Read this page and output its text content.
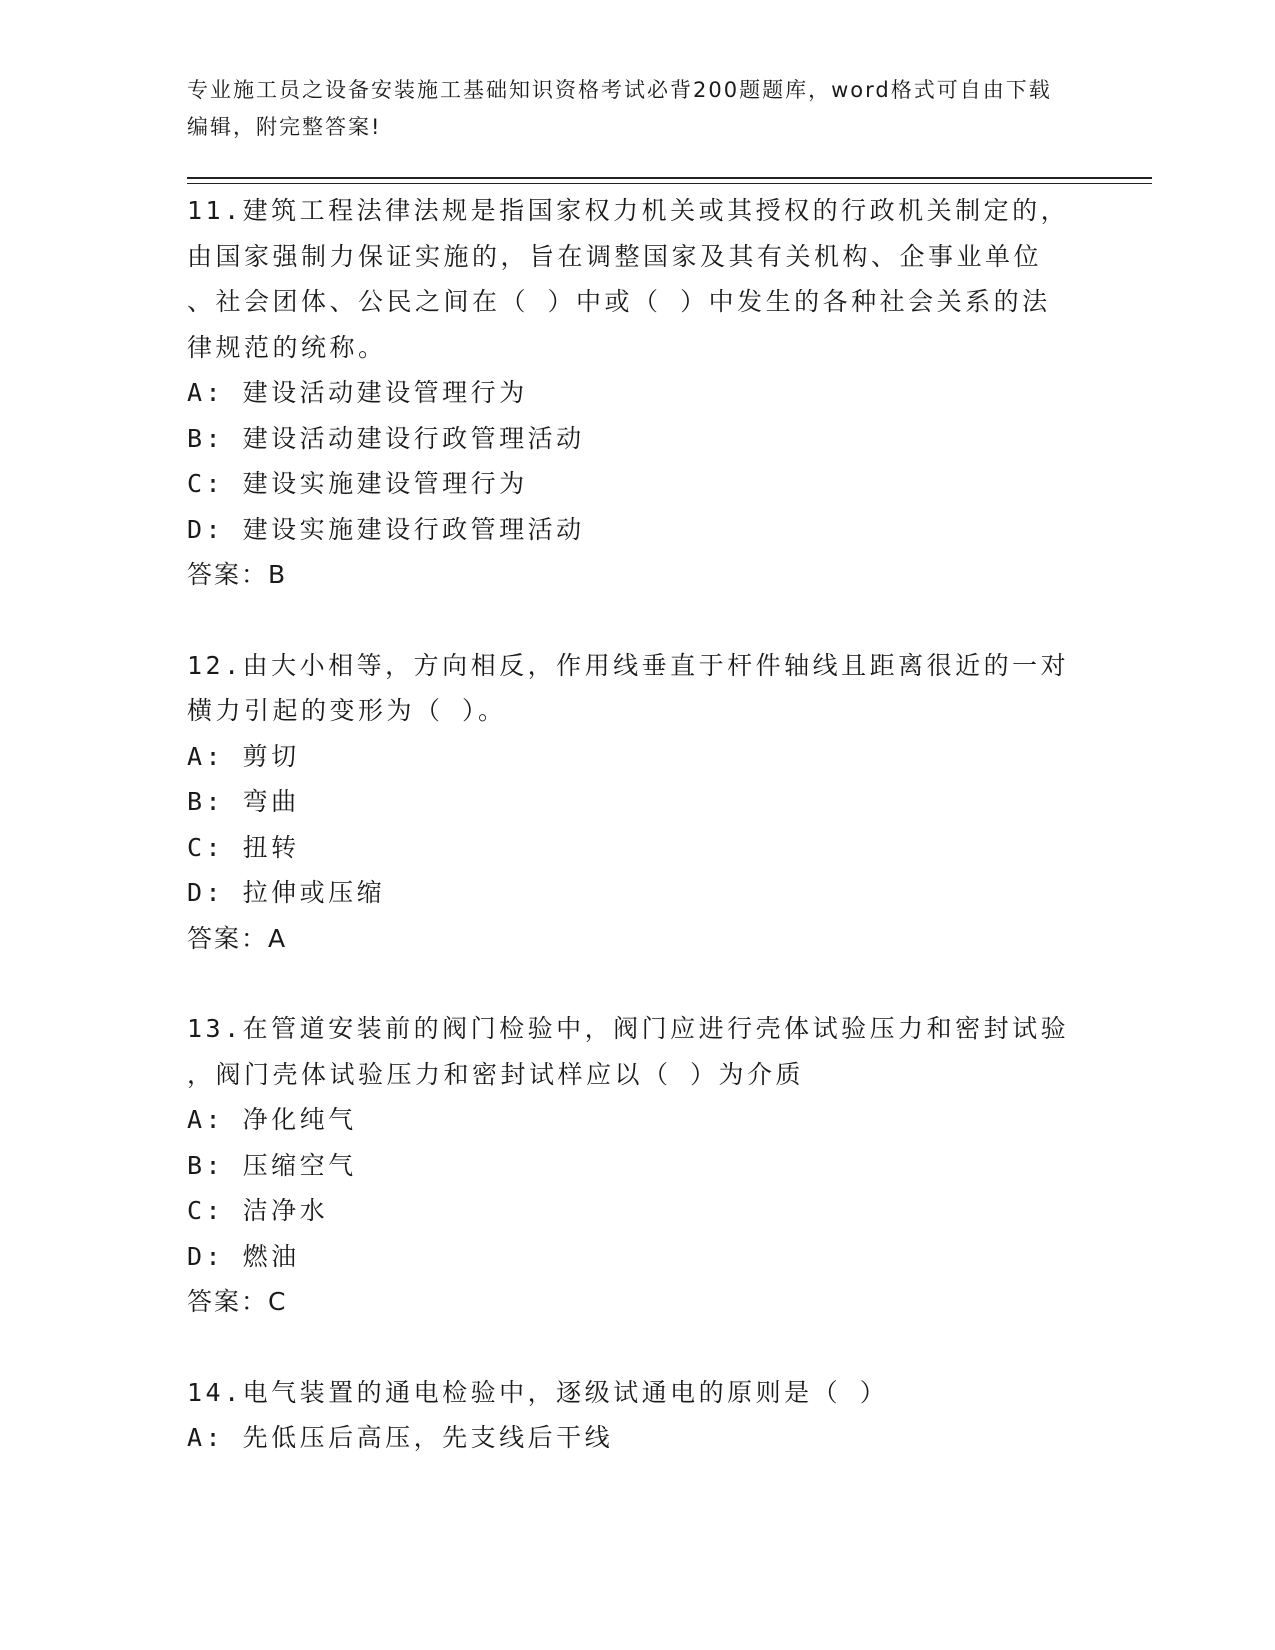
专业施工员之设备安装施工基础知识资格考试必背200题题库，word格式可自由下载编辑，附完整答案!
11.建筑工程法律法规是指国家权力机关或其授权的行政机关制定的，
由国家强制力保证实施的，旨在调整国家及其有关机构、企事业单位
、社会团体、公民之间在（ ）中或（ ）中发生的各种社会关系的法
律规范的统称。
A: 建设活动建设管理行为
B: 建设活动建设行政管理活动
C: 建设实施建设管理行为
D: 建设实施建设行政管理活动
答案：B
12.由大小相等，方向相反，作用线垂直于杆件轴线且距离很近的一对
横力引起的变形为（ ）。
A: 剪切
B: 弯曲
C: 扭转
D: 拉伸或压缩
答案：A
13.在管道安装前的阀门检验中，阀门应进行壳体试验压力和密封试验
，阀门壳体试验压力和密封试样应以（ ）为介质
A: 净化纯气
B: 压缩空气
C: 洁净水
D: 燃油
答案：C
14.电气装置的通电检验中，逐级试通电的原则是（ ）
A: 先低压后高压，先支线后干线
